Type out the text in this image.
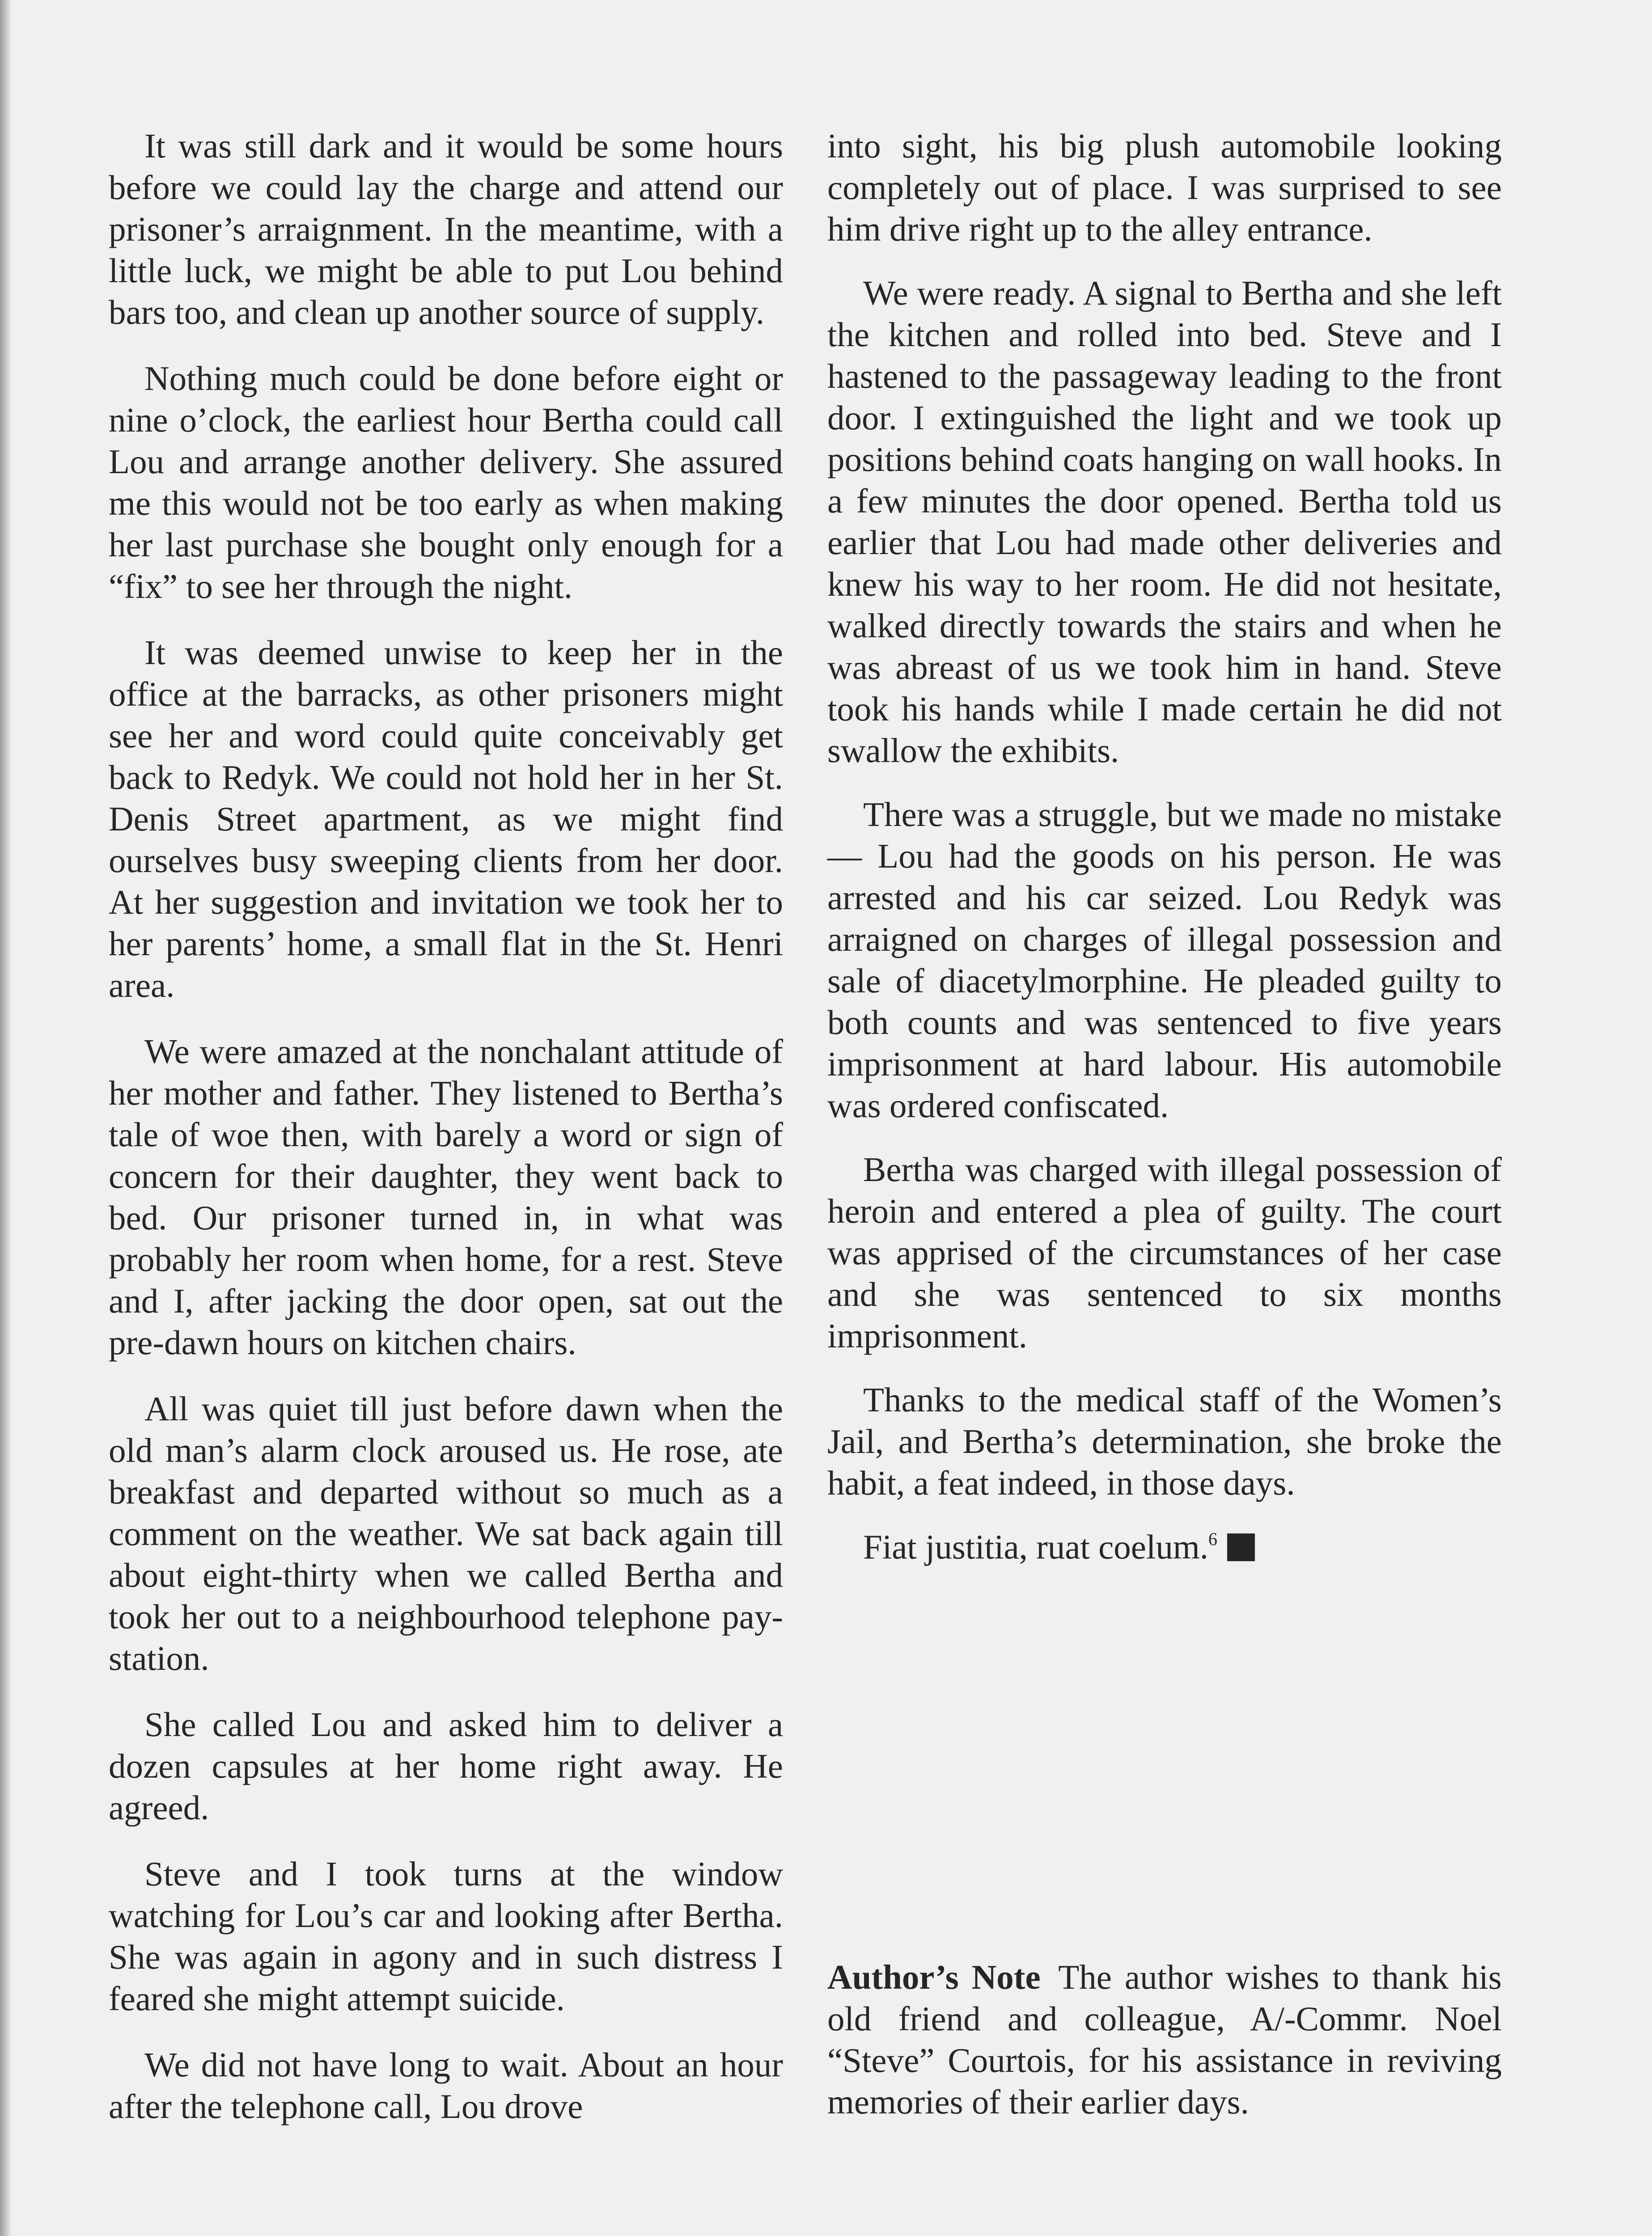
It was still dark and it would be some hours before we could lay the charge and attend our prisoner’s arraignment. In the meantime, with a little luck, we might be able to put Lou behind bars too, and clean up another source of supply.

Nothing much could be done before eight or nine o’clock, the earliest hour Bertha could call Lou and arrange another delivery. She assured me this would not be too early as when making her last purchase she bought only enough for a “fix” to see her through the night.

It was deemed unwise to keep her in the office at the barracks, as other prisoners might see her and word could quite conceivably get back to Redyk. We could not hold her in her St. Denis Street apartment, as we might find ourselves busy sweeping clients from her door. At her suggestion and invitation we took her to her parents’ home, a small flat in the St. Henri area.

We were amazed at the nonchalant attitude of her mother and father. They listened to Bertha’s tale of woe then, with barely a word or sign of concern for their daughter, they went back to bed. Our prisoner turned in, in what was probably her room when home, for a rest. Steve and I, after jacking the door open, sat out the pre-dawn hours on kitchen chairs.

All was quiet till just before dawn when the old man’s alarm clock aroused us. He rose, ate breakfast and departed without so much as a comment on the weather. We sat back again till about eight-thirty when we called Bertha and took her out to a neighbourhood telephone pay-station.

She called Lou and asked him to deliver a dozen capsules at her home right away. He agreed.

Steve and I took turns at the window watching for Lou’s car and looking after Bertha. She was again in agony and in such distress I feared she might attempt suicide.

We did not have long to wait. About an hour after the telephone call, Lou drove

into sight, his big plush automobile looking completely out of place. I was surprised to see him drive right up to the alley entrance.

We were ready. A signal to Bertha and she left the kitchen and rolled into bed. Steve and I hastened to the passageway leading to the front door. I extinguished the light and we took up positions behind coats hanging on wall hooks. In a few minutes the door opened. Bertha told us earlier that Lou had made other deliveries and knew his way to her room. He did not hesitate, walked directly towards the stairs and when he was abreast of us we took him in hand. Steve took his hands while I made certain he did not swallow the exhibits.

There was a struggle, but we made no mistake — Lou had the goods on his person. He was arrested and his car seized. Lou Redyk was arraigned on charges of illegal possession and sale of diacetylmorphine. He pleaded guilty to both counts and was sentenced to five years imprisonment at hard labour. His automobile was ordered confiscated.

Bertha was charged with illegal possession of heroin and entered a plea of guilty. The court was apprised of the circumstances of her case and she was sentenced to six months imprisonment.

Thanks to the medical staff of the Women’s Jail, and Bertha’s determination, she broke the habit, a feat indeed, in those days.

Fiat justitia, ruat coelum.$^6$

Author’s Note The author wishes to thank his old friend and colleague, A/-Commr. Noel “Steve” Courtois, for his assistance in reviving memories of their earlier days.
